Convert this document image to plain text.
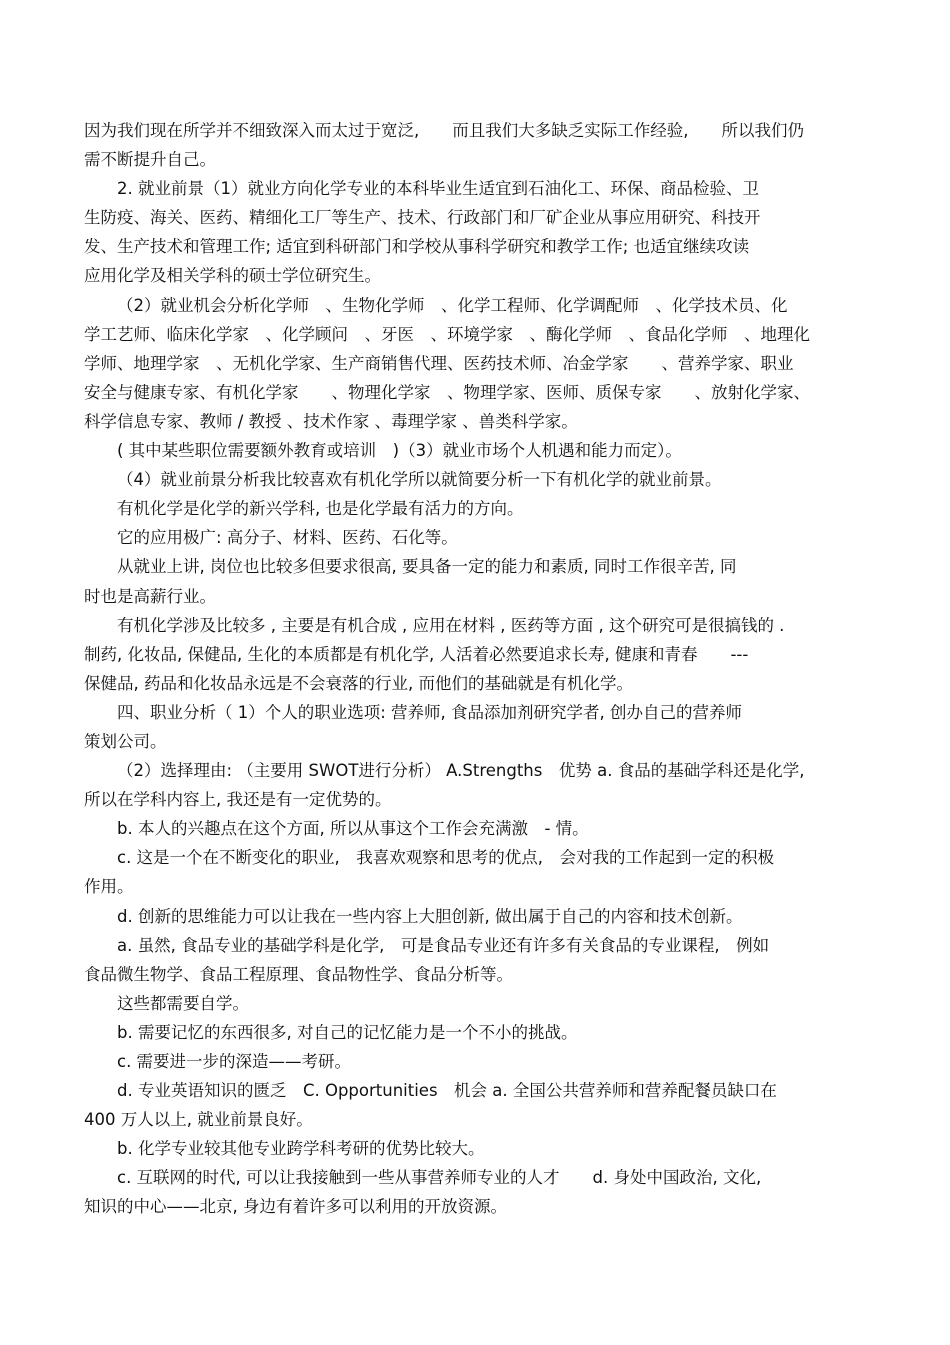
因为我们现在所学并不细致深入而太过于宽泛,　　而且我们大多缺乏实际工作经验,　　所以我们仍
需不断提升自己。
2. 就业前景（1）就业方向化学专业的本科毕业生适宜到石油化工、环保、商品检验、卫
生防疫、海关、医药、精细化工厂等生产、技术、行政部门和厂矿企业从事应用研究、科技开
发、生产技术和管理工作; 适宜到科研部门和学校从事科学研究和教学工作; 也适宜继续攻读
应用化学及相关学科的硕士学位研究生。
（2）就业机会分析化学师　、生物化学师　、化学工程师、化学调配师　、化学技术员、化
学工艺师、临床化学家　、化学顾问　、牙医　、环境学家　、酶化学师　、食品化学师　、地理化
学师、地理学家　、无机化学家、生产商销售代理、医药技术师、冶金学家　　、营养学家、职业
安全与健康专家、有机化学家　　、物理化学家　、物理学家、医师、质保专家　　、放射化学家、
科学信息专家、教师 / 教授 、技术作家 、毒理学家 、兽类科学家。
( 其中某些职位需要额外教育或培训　)（3）就业市场个人机遇和能力而定）。
（4）就业前景分析我比较喜欢有机化学所以就简要分析一下有机化学的就业前景。
有机化学是化学的新兴学科, 也是化学最有活力的方向。
它的应用极广: 高分子、材料、医药、石化等。
从就业上讲, 岗位也比较多但要求很高, 要具备一定的能力和素质, 同时工作很辛苦, 同
时也是高薪行业。
有机化学涉及比较多 , 主要是有机合成 , 应用在材料 , 医药等方面 , 这个研究可是很搞钱的 .
制药, 化妆品, 保健品, 生化的本质都是有机化学, 人活着必然要追求长寿, 健康和青春　　---
保健品, 药品和化妆品永远是不会衰落的行业, 而他们的基础就是有机化学。
四、职业分析（ 1）个人的职业选项: 营养师, 食品添加剂研究学者, 创办自己的营养师
策划公司。
（2）选择理由: （主要用 SWOT进行分析） A.Strengths　优势 a. 食品的基础学科还是化学,
所以在学科内容上, 我还是有一定优势的。
b. 本人的兴趣点在这个方面, 所以从事这个工作会充满激　- 情。
c. 这是一个在不断变化的职业,　我喜欢观察和思考的优点,　会对我的工作起到一定的积极
作用。
d. 创新的思维能力可以让我在一些内容上大胆创新, 做出属于自己的内容和技术创新。
a. 虽然, 食品专业的基础学科是化学,　可是食品专业还有许多有关食品的专业课程,　例如
食品微生物学、食品工程原理、食品物性学、食品分析等。
这些都需要自学。
b. 需要记忆的东西很多, 对自己的记忆能力是一个不小的挑战。
c. 需要进一步的深造——考研。
d. 专业英语知识的匮乏　C. Opportunities　机会 a. 全国公共营养师和营养配餐员缺口在
400 万人以上, 就业前景良好。
b. 化学专业较其他专业跨学科考研的优势比较大。
c. 互联网的时代, 可以让我接触到一些从事营养师专业的人才　　d. 身处中国政治, 文化,
知识的中心——北京, 身边有着许多可以利用的开放资源。
